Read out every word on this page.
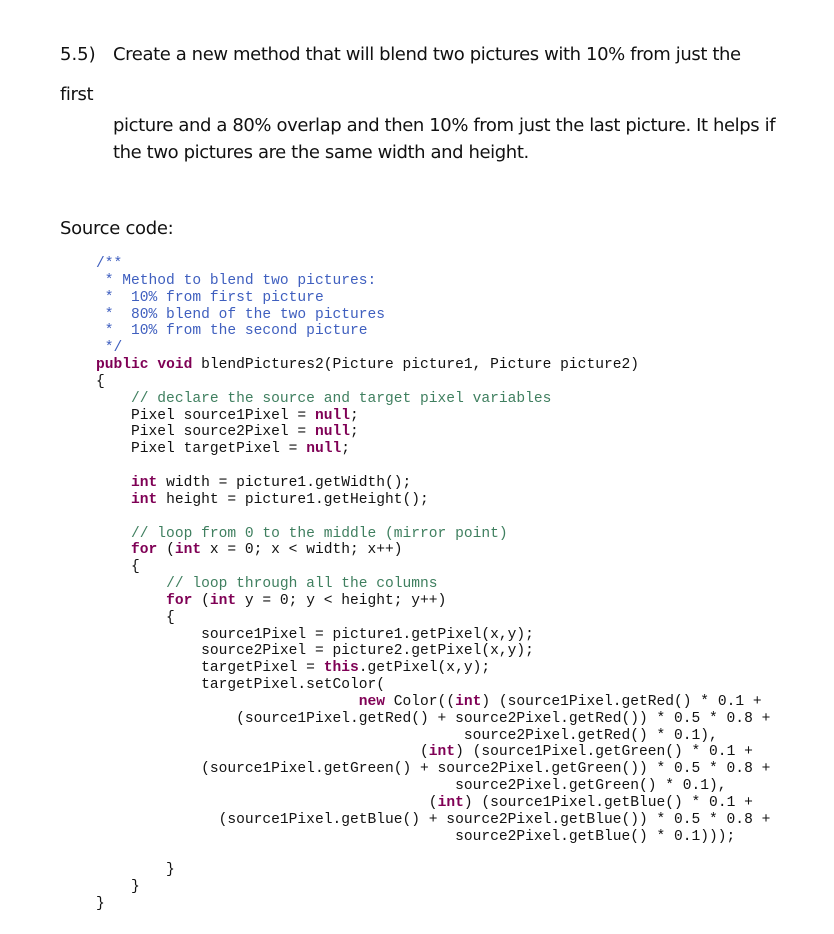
5.5) Create a new method that will blend two pictures with 10% from just the
first
picture and a 80% overlap and then 10% from just the last picture. It helps if
the two pictures are the same width and height.
Source code:
/**
* Method to blend two pictures:
*  10% from first picture
*  80% blend of the two pictures
*  10% from the second picture
*/
public void blendPictures2(Picture picture1, Picture picture2)
{
// declare the source and target pixel variables
Pixel source1Pixel = null;
Pixel source2Pixel = null;
Pixel targetPixel = null;

int width = picture1.getWidth();
int height = picture1.getHeight();

// loop from 0 to the middle (mirror point)
for (int x = 0; x < width; x++)
{
// loop through all the columns
for (int y = 0; y < height; y++)
{
source1Pixel = picture1.getPixel(x,y);
source2Pixel = picture2.getPixel(x,y);
targetPixel = this.getPixel(x,y);
targetPixel.setColor(
new Color((int) (source1Pixel.getRed() * 0.1 +
(source1Pixel.getRed() + source2Pixel.getRed()) * 0.5 * 0.8 +
source2Pixel.getRed() * 0.1),
(int) (source1Pixel.getGreen() * 0.1 +
(source1Pixel.getGreen() + source2Pixel.getGreen()) * 0.5 * 0.8 +
source2Pixel.getGreen() * 0.1),
(int) (source1Pixel.getBlue() * 0.1 +
(source1Pixel.getBlue() + source2Pixel.getBlue()) * 0.5 * 0.8 +
source2Pixel.getBlue() * 0.1)));

}
}
}
